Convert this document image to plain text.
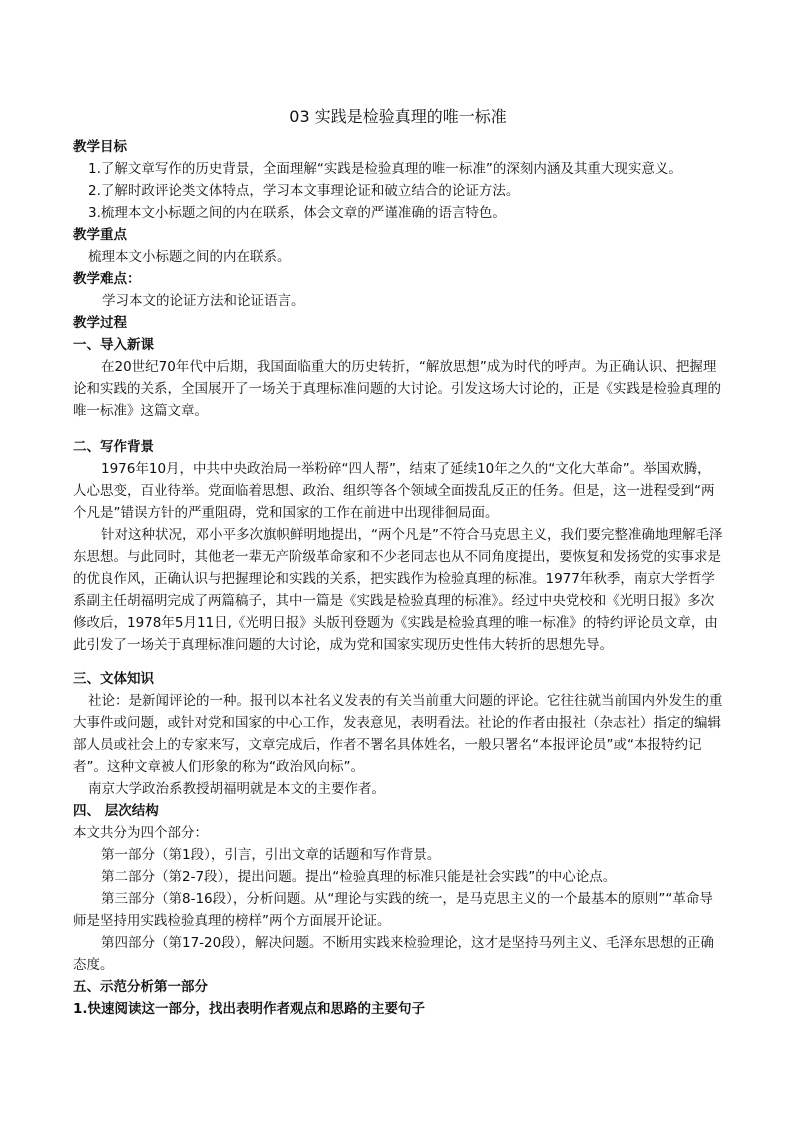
03 实践是检验真理的唯一标准
教学目标
1.了解文章写作的历史背景，全面理解“实践是检验真理的唯一标准”的深刻内涵及其重大现实意义。
2.了解时政评论类文体特点，学习本文事理论证和破立结合的论证方法。
3.梳理本文小标题之间的内在联系，体会文章的严谨准确的语言特色。
教学重点
梳理本文小标题之间的内在联系。
教学难点：
学习本文的论证方法和论证语言。
教学过程
一、导入新课
在20世纪70年代中后期，我国面临重大的历史转折，“解放思想”成为时代的呼声。为正确认识、把握理论和实践的关系，全国展开了一场关于真理标准问题的大讨论。引发这场大讨论的，正是《实践是检验真理的唯一标准》这篇文章。
二、写作背景
1976年10月，中共中央政治局一举粉碎“四人帮”，结束了延续10年之久的“文化大革命”。举国欢腾，人心思变，百业待举。党面临着思想、政治、组织等各个领域全面拨乱反正的任务。但是，这一进程受到“两个凡是”错误方针的严重阻碍，党和国家的工作在前进中出现徘徊局面。
针对这种状况，邓小平多次旗帜鲜明地提出，“两个凡是”不符合马克思主义，我们要完整准确地理解毛泽东思想。与此同时，其他老一辈无产阶级革命家和不少老同志也从不同角度提出，要恢复和发扬党的实事求是的优良作风，正确认识与把握理论和实践的关系，把实践作为检验真理的标准。1977年秋季，南京大学哲学系副主任胡福明完成了两篇稿子，其中一篇是《实践是检验真理的标准》。经过中央党校和《光明日报》多次修改后，1978年5月11日,《光明日报》头版刊登题为《实践是检验真理的唯一标准》的特约评论员文章，由此引发了一场关于真理标准问题的大讨论，成为党和国家实现历史性伟大转折的思想先导。
三、文体知识
社论：是新闻评论的一种。报刊以本社名义发表的有关当前重大问题的评论。它往往就当前国内外发生的重大事件或问题，或针对党和国家的中心工作，发表意见，表明看法。社论的作者由报社（杂志社）指定的编辑部人员或社会上的专家来写，文章完成后，作者不署名具体姓名，一般只署名“本报评论员”或“本报特约记者”。这种文章被人们形象的称为“政治风向标”。
南京大学政治系教授胡福明就是本文的主要作者。
四、 层次结构
本文共分为四个部分：
第一部分（第1段），引言，引出文章的话题和写作背景。
第二部分（第2-7段），提出问题。提出“检验真理的标准只能是社会实践”的中心论点。
第三部分（第8-16段），分析问题。从“理论与实践的统一，是马克思主义的一个最基本的原则”“革命导师是坚持用实践检验真理的榜样”两个方面展开论证。
第四部分（第17-20段），解决问题。不断用实践来检验理论，这才是坚持马列主义、毛泽东思想的正确态度。
五、示范分析第一部分
1.快速阅读这一部分，找出表明作者观点和思路的主要句子
